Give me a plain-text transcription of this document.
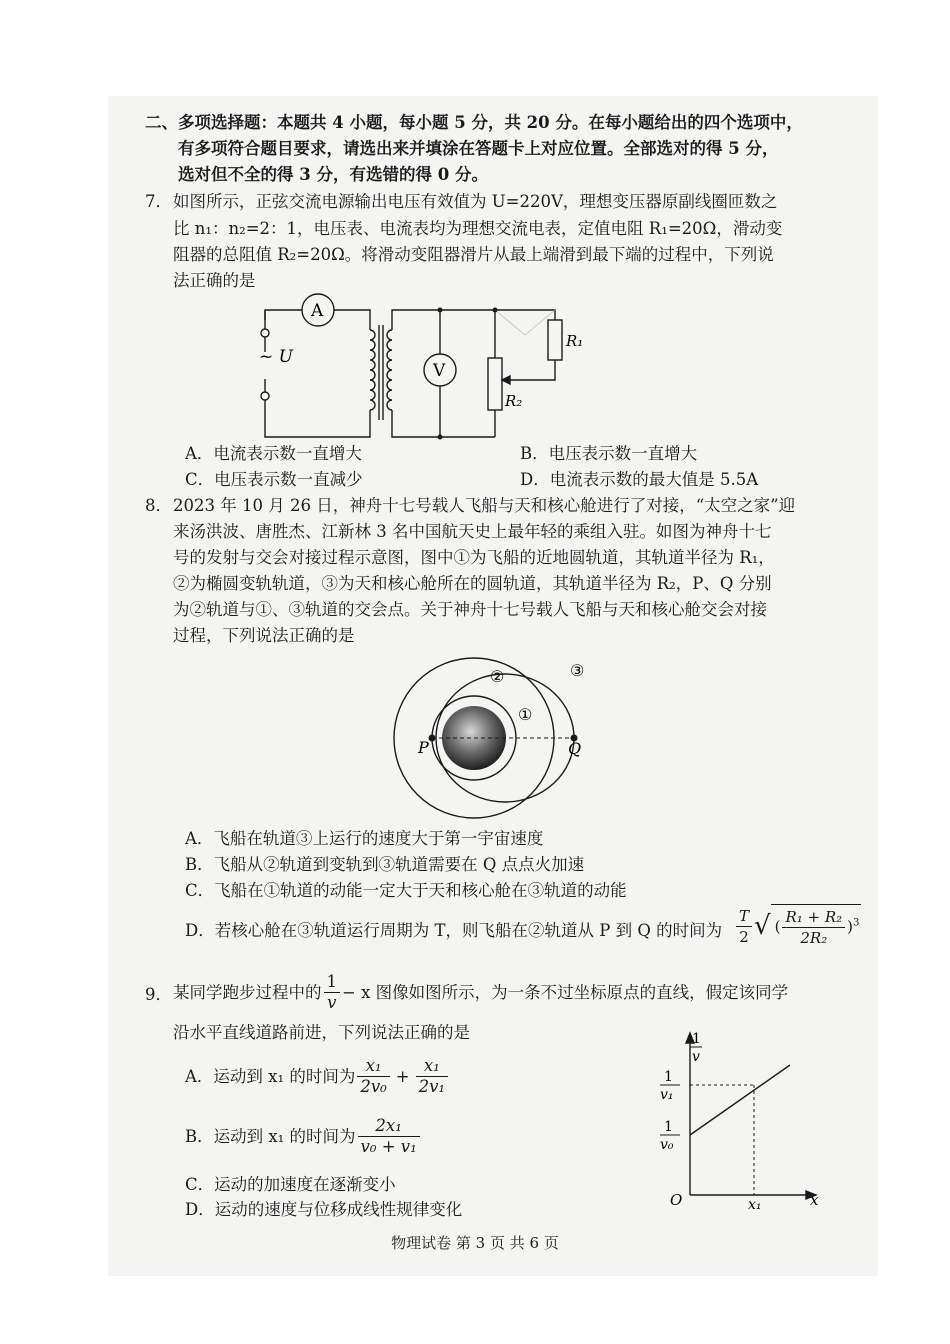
二、多项选择题：本题共 4 小题，每小题 5 分，共 20 分。在每小题给出的四个选项中，
有多项符合题目要求，请选出来并填涂在答题卡上对应位置。全部选对的得 5 分，
选对但不全的得 3 分，有选错的得 0 分。
7． 如图所示，正弦交流电源输出电压有效值为 U=220V，理想变压器原副线圈匝数之
比 n₁：n₂=2：1，电压表、电流表均为理想交流电表，定值电阻 R₁=20Ω，滑动变
阻器的总阻值 R₂=20Ω。将滑动变阻器滑片从最上端滑到最下端的过程中，下列说
法正确的是
A
V
~ U
R₁
R₂
A．电流表示数一直增大	B．电压表示数一直增大
C．电压表示数一直减少	D．电流表示数的最大值是 5.5A
8． 2023 年 10 月 26 日，神舟十七号载人飞船与天和核心舱进行了对接，“太空之家”迎
来汤洪波、唐胜杰、江新林 3 名中国航天史上最年轻的乘组入驻。如图为神舟十七
号的发射与交会对接过程示意图，图中①为飞船的近地圆轨道，其轨道半径为 R₁，
②为椭圆变轨轨道，③为天和核心舱所在的圆轨道，其轨道半径为 R₂，P、Q 分别
为②轨道与①、③轨道的交会点。关于神舟十七号载人飞船与天和核心舱交会对接
过程，下列说法正确的是
P	Q
①
②	③
A．飞船在轨道③上运行的速度大于第一宇宙速度
B．飞船从②轨道到变轨到③轨道需要在 Q 点点火加速
C．飞船在①轨道的动能一定大于天和核心舱在③轨道的动能
D．若核心舱在③轨道运行周期为 T，则飞船在②轨道从 P 到 Q 的时间为 $\frac{T}{2}$ √ ( $\frac{\text{R₁ + R₂}}{\text{2R₂}} )^3$
9． 某同学跑步过程中的 $\frac{1}{v} - x$ 图像如图所示，为一条不过坐标原点的直线，假定该同学
沿水平直线道路前进，下列说法正确的是
A．运动到 x₁ 的时间为 $\frac{\text{x₁}}{\text{2v₀}} + \frac{\text{x₁}}{\text{2v₁}}$
B．运动到 x₁ 的时间为 $\frac{\text{2x₁}}{\text{v₀ + v₁}}$
C．运动的加速度在逐渐变小
D．运动的速度与位移成线性规律变化
1
v
1
v₁
1
v₀
O	x₁	x
物理试卷 第 3 页 共 6 页
